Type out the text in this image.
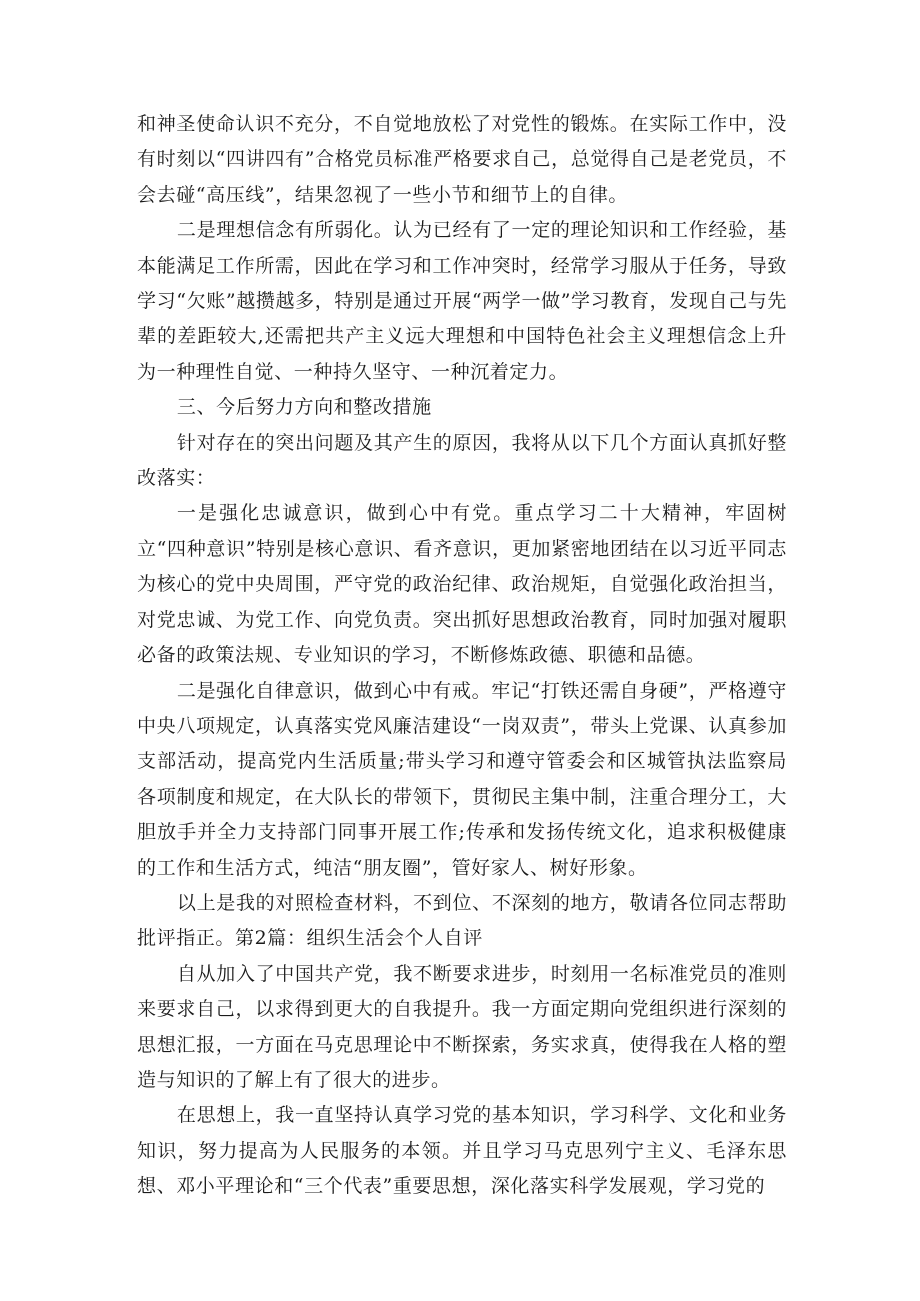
和神圣使命认识不充分，不自觉地放松了对党性的锻炼。在实际工作中，没有时刻以“四讲四有”合格党员标准严格要求自己，总觉得自己是老党员，不会去碰“高压线”，结果忽视了一些小节和细节上的自律。

二是理想信念有所弱化。认为已经有了一定的理论知识和工作经验，基本能满足工作所需，因此在学习和工作冲突时，经常学习服从于任务，导致学习“欠账”越攒越多，特别是通过开展“两学一做”学习教育，发现自己与先辈的差距较大,还需把共产主义远大理想和中国特色社会主义理想信念上升为一种理性自觉、一种持久坚守、一种沉着定力。

三、今后努力方向和整改措施

针对存在的突出问题及其产生的原因，我将从以下几个方面认真抓好整改落实：

一是强化忠诚意识，做到心中有党。重点学习二十大精神，牢固树立“四种意识”特别是核心意识、看齐意识，更加紧密地团结在以习近平同志为核心的党中央周围，严守党的政治纪律、政治规矩，自觉强化政治担当，对党忠诚、为党工作、向党负责。突出抓好思想政治教育，同时加强对履职必备的政策法规、专业知识的学习，不断修炼政德、职德和品德。

二是强化自律意识，做到心中有戒。牢记“打铁还需自身硬”，严格遵守中央八项规定，认真落实党风廉洁建设“一岗双责”，带头上党课、认真参加支部活动，提高党内生活质量;带头学习和遵守管委会和区城管执法监察局各项制度和规定，在大队长的带领下，贯彻民主集中制，注重合理分工，大胆放手并全力支持部门同事开展工作;传承和发扬传统文化，追求积极健康的工作和生活方式，纯洁“朋友圈”，管好家人、树好形象。

以上是我的对照检查材料，不到位、不深刻的地方，敬请各位同志帮助批评指正。第2篇：组织生活会个人自评

自从加入了中国共产党，我不断要求进步，时刻用一名标准党员的准则来要求自己，以求得到更大的自我提升。我一方面定期向党组织进行深刻的思想汇报，一方面在马克思理论中不断探索，务实求真，使得我在人格的塑造与知识的了解上有了很大的进步。

在思想上，我一直坚持认真学习党的基本知识，学习科学、文化和业务知识，努力提高为人民服务的本领。并且学习马克思列宁主义、毛泽东思想、邓小平理论和“三个代表”重要思想，深化落实科学发展观，学习党的
